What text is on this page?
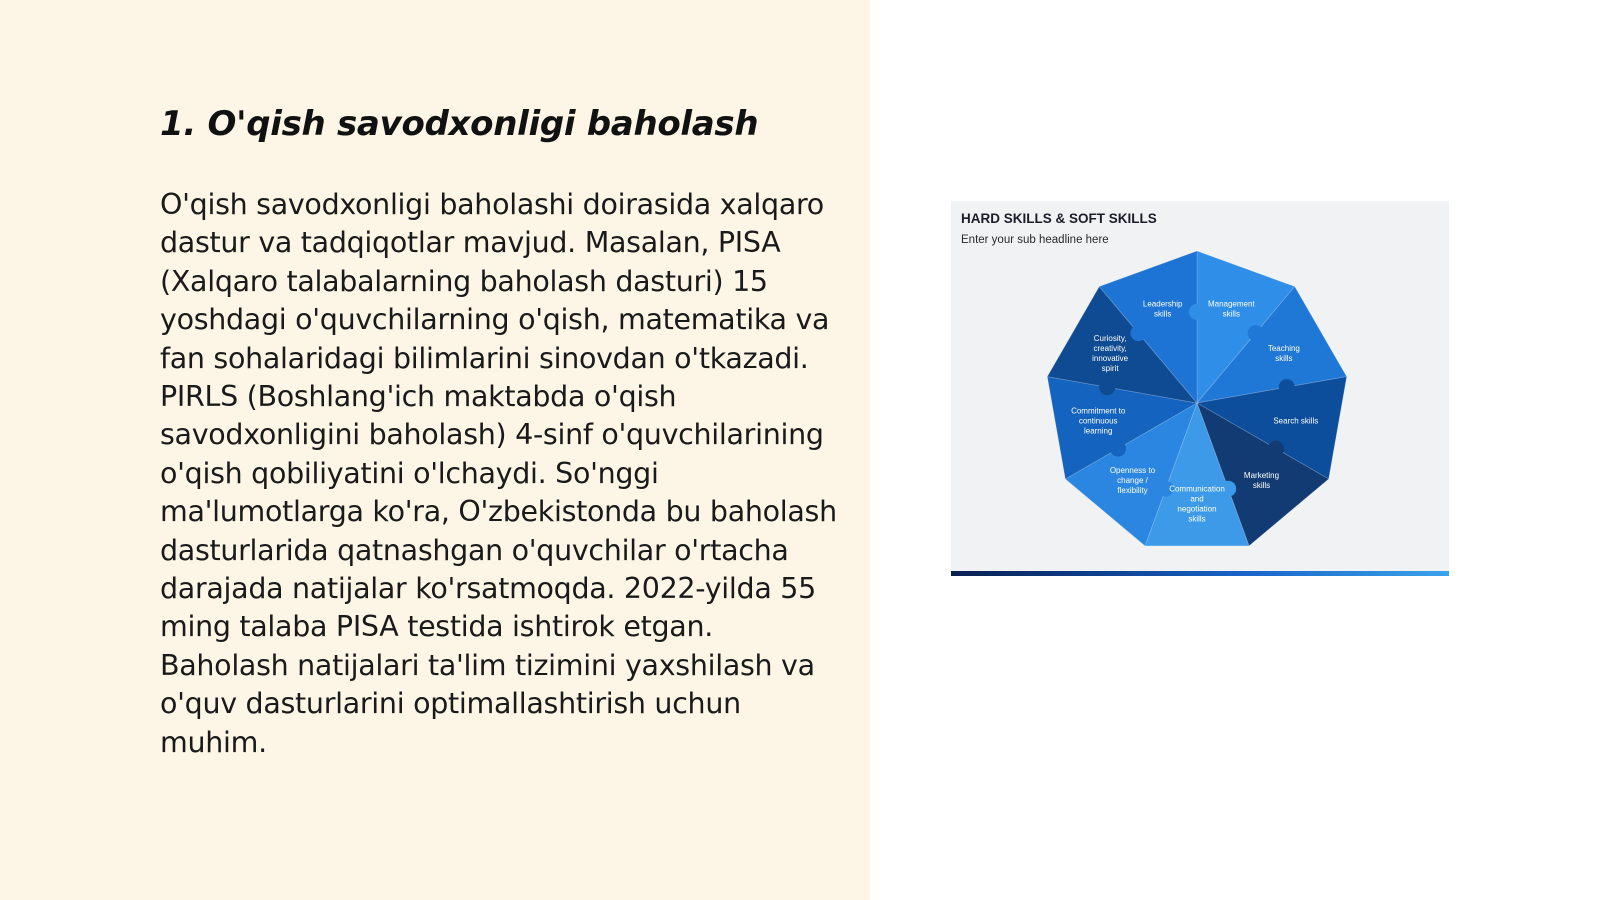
1. O'qish savodxonligi baholash

O'qish savodxonligi baholashi doirasida xalqaro dastur va tadqiqotlar mavjud. Masalan, PISA (Xalqaro talabalarning baholash dasturi) 15 yoshdagi o'quvchilarning o'qish, matematika va fan sohalaridagi bilimlarini sinovdan o'tkazadi. PIRLS (Boshlang'ich maktabda o'qish savodxonligini baholash) 4-sinf o'quvchilarining o'qish qobiliyatini o'lchaydi. So'nggi ma'lumotlarga ko'ra, O'zbekistonda bu baholash dasturlarida qatnashgan o'quvchilar o'rtacha darajada natijalar ko'rsatmoqda. 2022-yilda 55 ming talaba PISA testida ishtirok etgan. Baholash natijalari ta'lim tizimini yaxshilash va o'quv dasturlarini optimallashtirish uchun muhim.

Management skills
Teaching skills
Search skills
Marketing skills
Communication and negotiation skills
Openness to change / flexibility
Commitment to continuous learning
Curiosity, creativity, innovative spirit
Leadership skills
HARD SKILLS & SOFT SKILLS
Enter your sub headline here
